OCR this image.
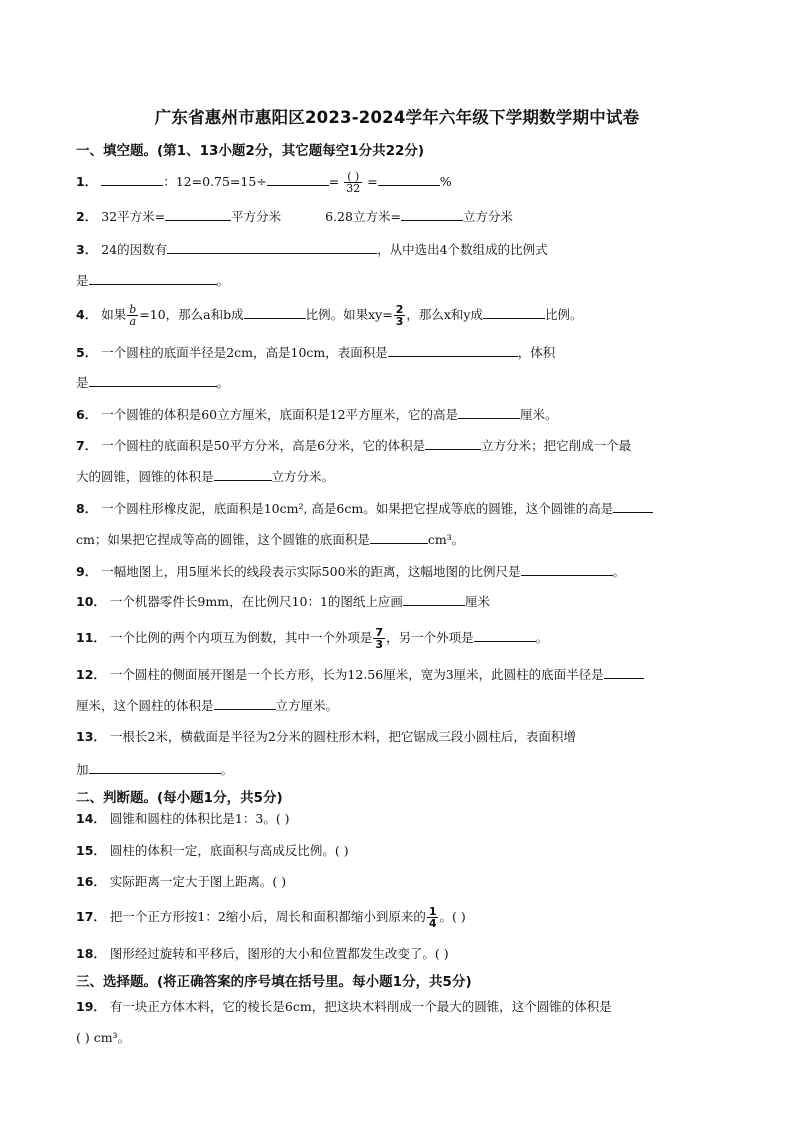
广东省惠州市惠阳区2023-2024学年六年级下学期数学期中试卷
一、填空题。(第1、13小题2分，其它题每空1分共22分)
1．	：12=0.75=15÷	= $\frac{( )}{32}$ =	%
2． 32平方米=	平方分米	6.28立方米=	立方分米
3． 24的因数有	，从中选出4个数组成的比例式
是	。
4． 如果 $\frac{b}{a} =10$，那么a和b成	比例。如果$xy= \frac{2}{3}$ ，那么x和y成	比例。
5． 一个圆柱的底面半径是2cm，高是10cm，表面积是	，体积
是	。
6． 一个圆锥的体积是60立方厘米，底面积是12平方厘米，它的高是	厘米。
7． 一个圆柱的底面积是50平方分米，高是6分米，它的体积是	立方分米；把它削成一个最
大的圆锥，圆锥的体积是	立方分米。
8． 一个圆柱形橡皮泥，底面积是10cm², 高是6cm。如果把它捏成等底的圆锥，这个圆锥的高是
cm；如果把它捏成等高的圆锥，这个圆锥的底面积是	cm³。
9． 一幅地图上，用5厘米长的线段表示实际500米的距离，这幅地图的比例尺是	。
10． 一个机器零件长9mm，在比例尺10：1的图纸上应画	厘米
11． 一个比例的两个内项互为倒数，其中一个外项是 $\frac{7}{3}$ ，另一个外项是	。
12． 一个圆柱的侧面展开图是一个长方形，长为12.56厘米，宽为3厘米，此圆柱的底面半径是
厘米，这个圆柱的体积是	立方厘米。
13． 一根长2米，横截面是半径为2分米的圆柱形木料，把它锯成三段小圆柱后，表面积增
加	。
二、判断题。(每小题1分，共5分)
14． 圆锥和圆柱的体积比是1：3。( )
15． 圆柱的体积一定，底面积与高成反比例。( )
16． 实际距离一定大于图上距离。( )
17． 把一个正方形按1：2缩小后，周长和面积都缩小到原来的 $\frac{1}{4}$ 。( )
18． 图形经过旋转和平移后，图形的大小和位置都发生改变了。( )
三、选择题。(将正确答案的序号填在括号里。每小题1分，共5分)
19． 有一块正方体木料，它的棱长是6cm，把这块木料削成一个最大的圆锥，这个圆锥的体积是
( ) cm³。
